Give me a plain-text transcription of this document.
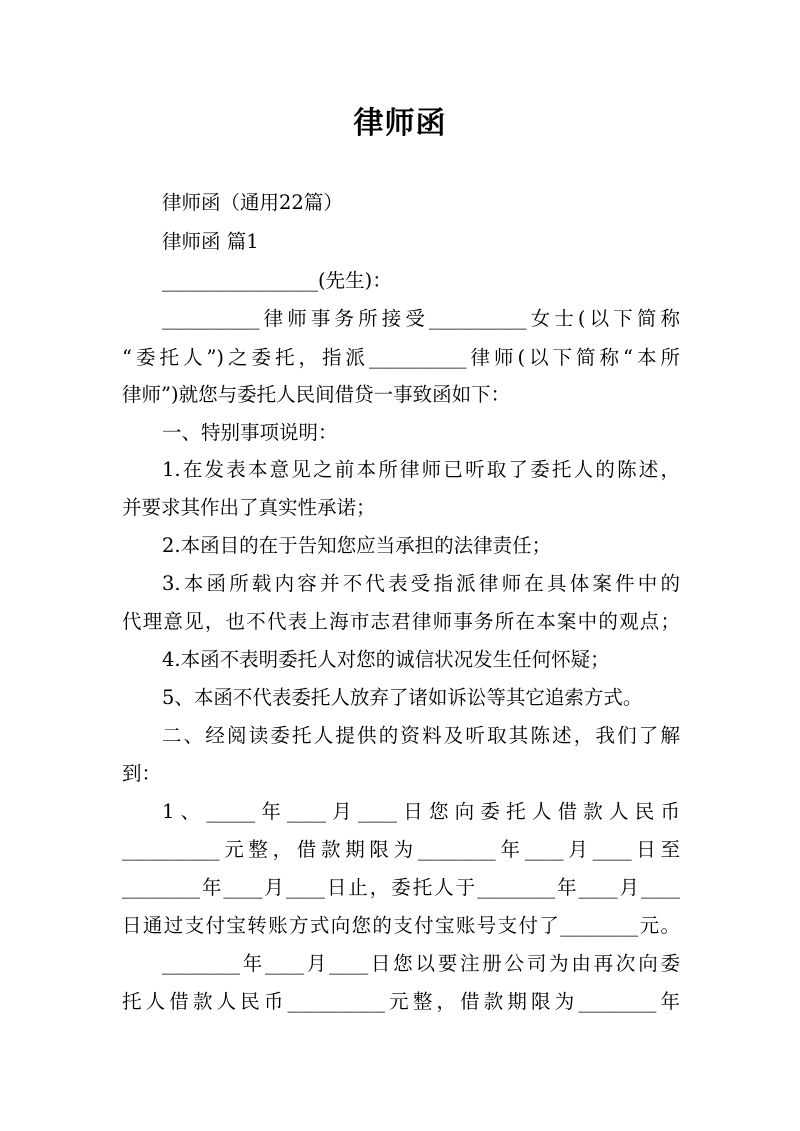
律师函
律师函（通用22篇）
律师函 篇1
________________(先生)：
__________律师事务所接受__________女士(以下简称
“委托人”)之委托，指派__________律师(以下简称“本所
律师”)就您与委托人民间借贷一事致函如下：
一、特别事项说明：
1.在发表本意见之前本所律师已听取了委托人的陈述，
并要求其作出了真实性承诺；
2.本函目的在于告知您应当承担的法律责任；
3.本函所载内容并不代表受指派律师在具体案件中的
代理意见，也不代表上海市志君律师事务所在本案中的观点；
4.本函不表明委托人对您的诚信状况发生任何怀疑；
5、本函不代表委托人放弃了诸如诉讼等其它追索方式。
二、经阅读委托人提供的资料及听取其陈述，我们了解
到：
1、_____年____月____日您向委托人借款人民币
__________元整，借款期限为________年____月____日至
________年____月____日止，委托人于________年____月____
日通过支付宝转账方式向您的支付宝账号支付了________元。
________年____月____日您以要注册公司为由再次向委
托人借款人民币__________元整，借款期限为________年
